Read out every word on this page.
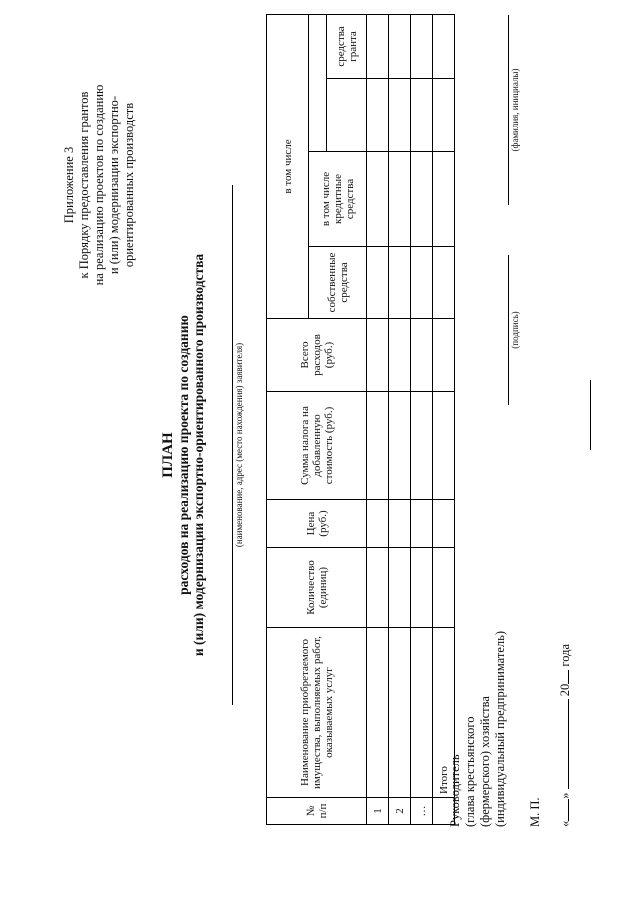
Приложение 3 к Порядку предоставления грантов на реализацию проектов по созданию и (или) модернизации экспортно- ориентированных производств
ПЛАН расходов на реализацию проекта по созданию и (или) модернизации экспортно-ориентированного производства	(наименование, адрес (место нахождения) заявителя)
№ п/п	Наименование приобретаемого имущества, выполняемых работ, оказываемых услуг	Количество (единиц)	Цена (руб.)	Сумма налога на добавленную стоимость (руб.)	Всего расходов (руб.)	в том числе			
						собственные средства	в том числе кредитные средства		
									средства гранта
1									
2									
…									
	Итого								
Руководитель (глава крестьянского (фермерского) хозяйства (индивидуальный предприниматель)
(подпись)
(фамилия, инициалы)
М. П. «»  20 года
